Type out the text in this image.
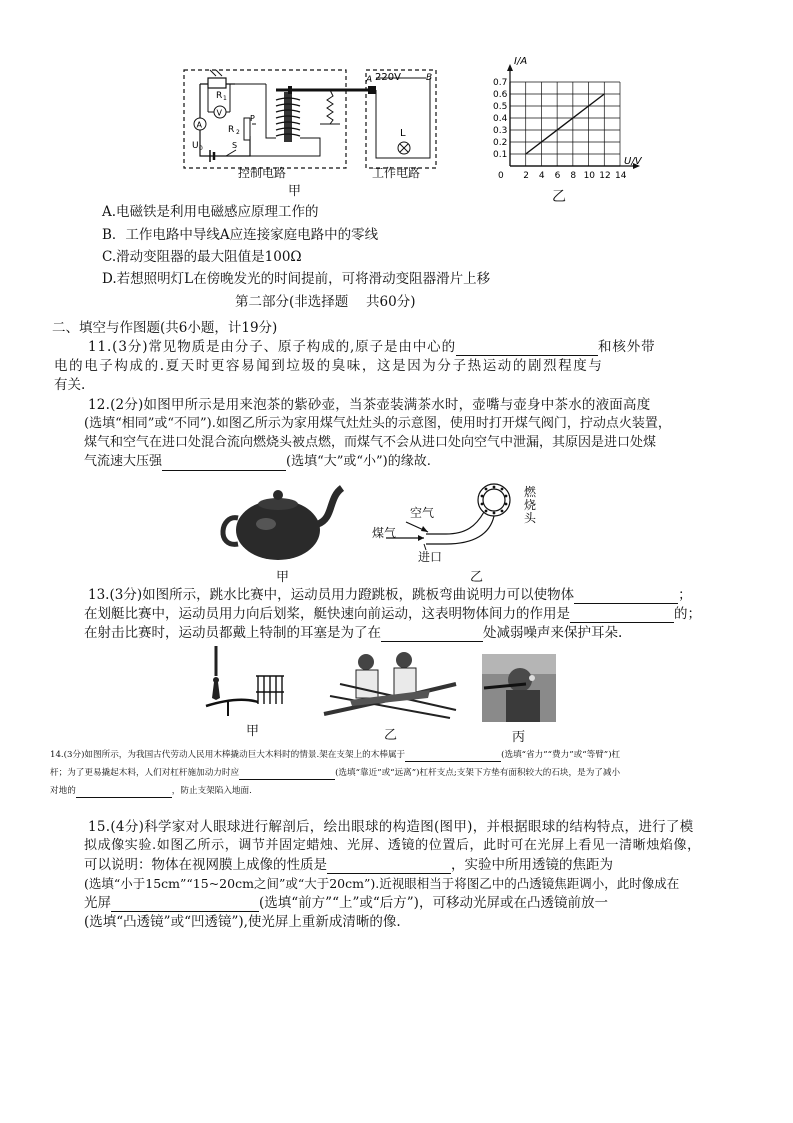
R 1
V
A	R 2
P
U 0	S
A 220V	B
L
控制电路	工作电路
甲
0.7
0.6
0.5
0.4
0.3
0.2
0.1
2 4 6 8 10 12 14
0
I/A
U/V
乙
A.电磁铁是利用电磁感应原理工作的
B．工作电路中导线A应连接家庭电路中的零线
C.滑动变阻器的最大阻值是100Ω
D.若想照明灯L在傍晚发光的时间提前，可将滑动变阻器滑片上移
第二部分(非选择题　 共60分)
二、填空与作图题(共6小题，计19分)
11.(3分)常见物质是由分子、原子构成的,原子是由中心的	和核外带
电的电子构成的.夏天时更容易闻到垃圾的臭味，这是因为分子热运动的剧烈程度与
有关.
12.(2分)如图甲所示是用来泡茶的紫砂壶，当茶壶装满茶水时，壶嘴与壶身中茶水的液面高度
(选填“相同”或“不同”).如图乙所示为家用煤气灶灶头的示意图，使用时打开煤气阀门，拧动点火装置，
煤气和空气在进口处混合流向燃烧头被点燃，而煤气不会从进口处向空气中泄漏，其原因是进口处煤
气流速大压强	(选填“大”或“小”)的缘故.
甲
空气
煤气
进口
燃烧头
乙
13.(3分)如图所示，跳水比赛中，运动员用力蹬跳板，跳板弯曲说明力可以使物体	；
在划艇比赛中，运动员用力向后划桨，艇快速向前运动，这表明物体间力的作用是	的；
在射击比赛时，运动员都戴上特制的耳塞是为了在	处减弱噪声来保护耳朵.
甲	乙	丙
14.(3分)如图所示，为我国古代劳动人民用木棒撬动巨大木料时的情景.架在支架上的木棒属于	(选填“省力”“费力”或“等臂”)杠
杆；为了更易撬起木料，人们对杠杆施加动力时应	(选填“靠近”或“远离”)杠杆支点;支架下方垫有面积较大的石块，是为了减小
对地的	，防止支架陷入地面.
15.(4分)科学家对人眼球进行解剖后，绘出眼球的构造图(图甲)，并根据眼球的结构特点，进行了模
拟成像实验.如图乙所示，调节并固定蜡烛、光屏、透镜的位置后，此时可在光屏上看见一清晰烛焰像，
可以说明：物体在视网膜上成像的性质是	，实验中所用透镜的焦距为
(选填“小于15cm”“15~20cm之间”或“大于20cm”).近视眼相当于将图乙中的凸透镜焦距调小，此时像成在
光屏	(选填“前方”“上”或“后方”)，可移动光屏或在凸透镜前放一
(选填“凸透镜”或“凹透镜”),使光屏上重新成清晰的像.
